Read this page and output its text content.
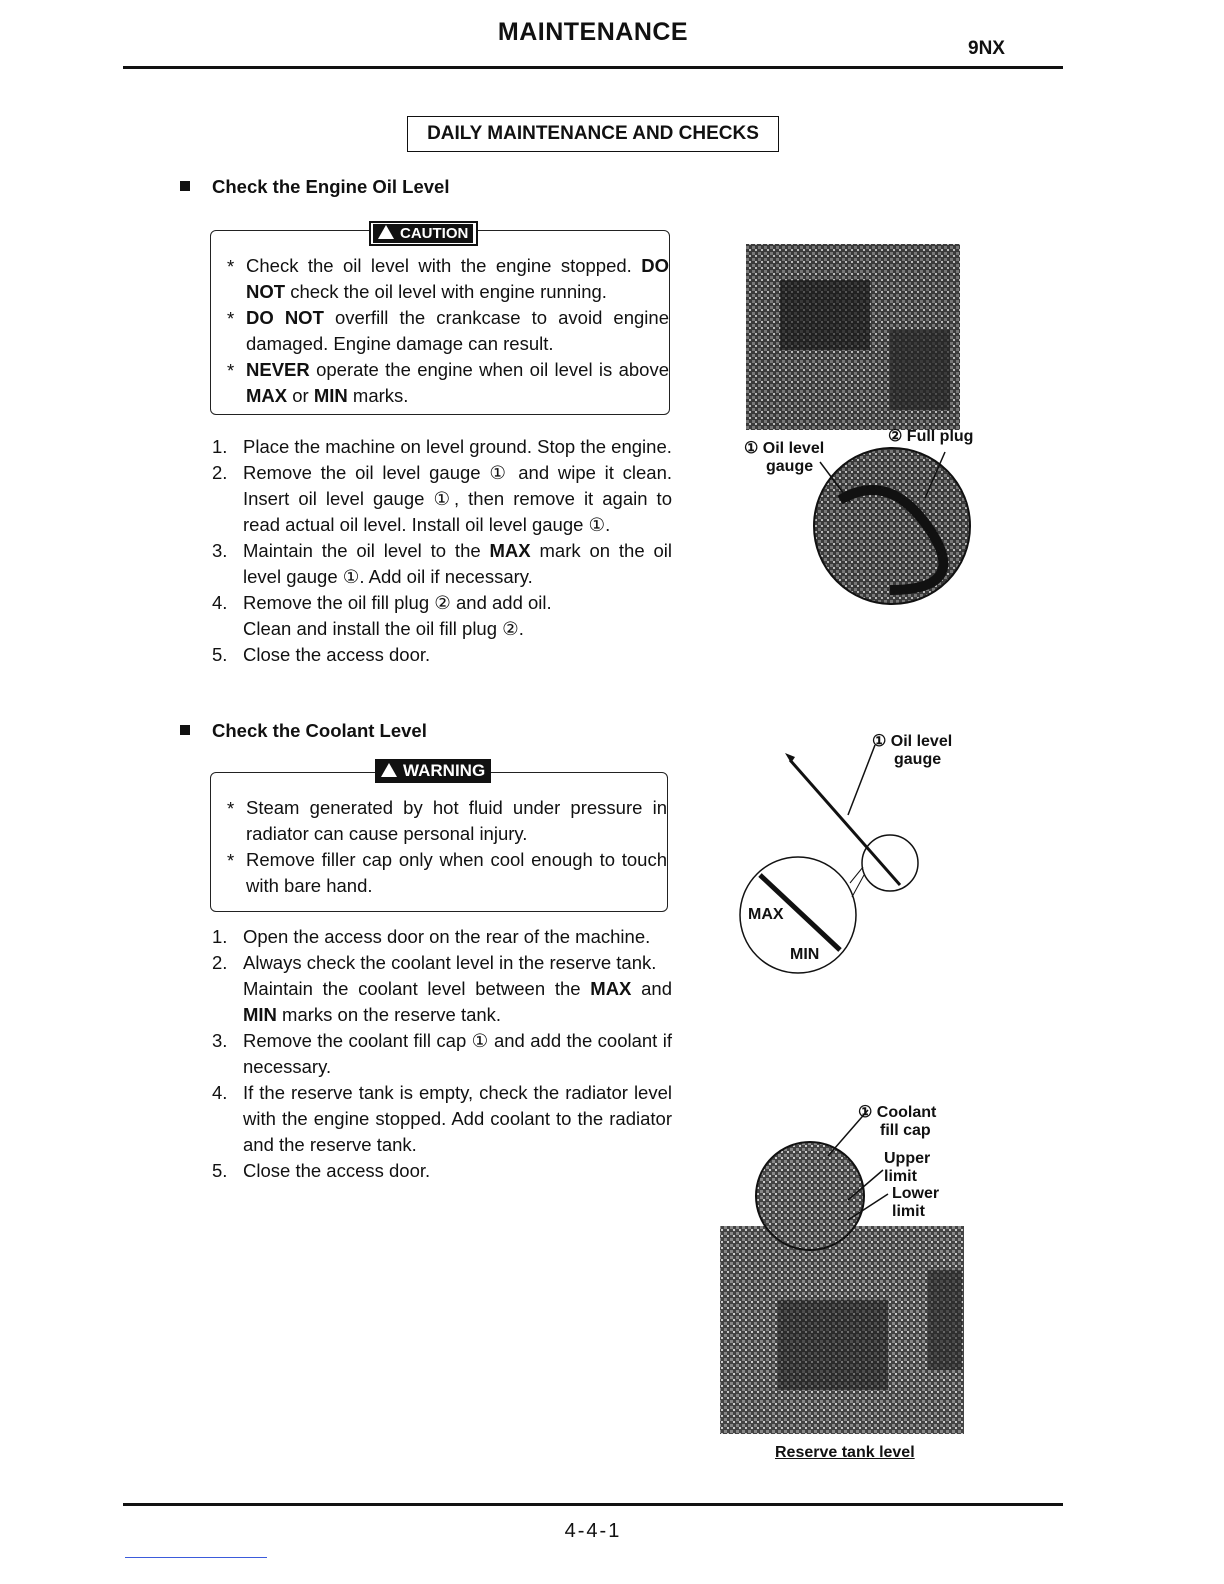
MAINTENANCE
9NX
DAILY MAINTENANCE AND CHECKS
Check the Engine Oil Level
CAUTION
* Check the oil level with the engine stopped. DO NOT check the oil level with engine running.
* DO NOT overfill the crankcase to avoid engine damaged. Engine damage can result.
* NEVER operate the engine when oil level is above MAX or MIN marks.
1. Place the machine on level ground. Stop the engine.
2. Remove the oil level gauge ① and wipe it clean. Insert oil level gauge ①, then remove it again to read actual oil level. Install oil level gauge ①.
3. Maintain the oil level to the MAX mark on the oil level gauge ①. Add oil if necessary.
4. Remove the oil fill plug ② and add oil.
Clean and install the oil fill plug ②.
5. Close the access door.
① Oil level
gauge
② Full plug
Check the Coolant Level
WARNING
* Steam generated by hot fluid under pressure in radiator can cause personal injury.
* Remove filler cap only when cool enough to touch with bare hand.
1. Open the access door on the rear of the machine.
2. Always check the coolant level in the reserve tank.
Maintain the coolant level between the MAX and MIN marks on the reserve tank.
3. Remove the coolant fill cap ① and add the coolant if necessary.
4. If the reserve tank is empty, check the radiator level with the engine stopped. Add coolant to the radiator and the reserve tank.
5. Close the access door.
① Oil level
gauge
MAX
MIN
① Coolant
fill cap
Upper
limit
Lower
limit
Reserve tank level
4-4-1
